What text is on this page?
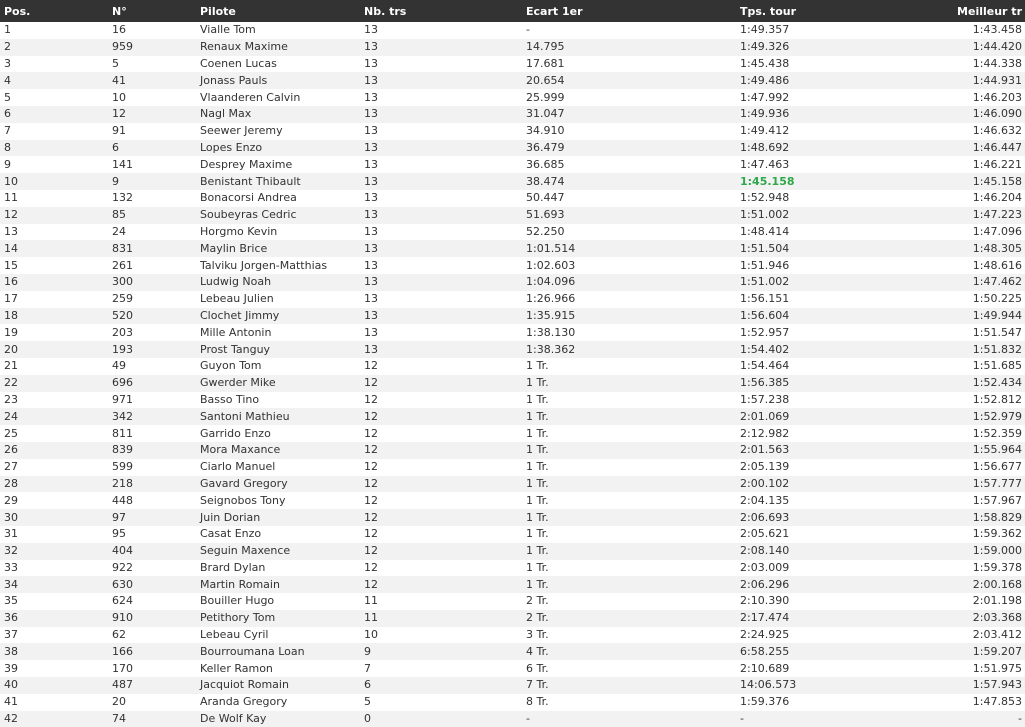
Pos.	N°	Pilote	Nb. trs	Ecart 1er	Tps. tour	Meilleur tr
1	16	Vialle Tom	13	-	1:49.357	1:43.458
2	959	Renaux Maxime	13	14.795	1:49.326	1:44.420
3	5	Coenen Lucas	13	17.681	1:45.438	1:44.338
4	41	Jonass Pauls	13	20.654	1:49.486	1:44.931
5	10	Vlaanderen Calvin	13	25.999	1:47.992	1:46.203
6	12	Nagl Max	13	31.047	1:49.936	1:46.090
7	91	Seewer Jeremy	13	34.910	1:49.412	1:46.632
8	6	Lopes Enzo	13	36.479	1:48.692	1:46.447
9	141	Desprey Maxime	13	36.685	1:47.463	1:46.221
10	9	Benistant Thibault	13	38.474	1:45.158	1:45.158
11	132	Bonacorsi Andrea	13	50.447	1:52.948	1:46.204
12	85	Soubeyras Cedric	13	51.693	1:51.002	1:47.223
13	24	Horgmo Kevin	13	52.250	1:48.414	1:47.096
14	831	Maylin Brice	13	1:01.514	1:51.504	1:48.305
15	261	Talviku Jorgen-Matthias	13	1:02.603	1:51.946	1:48.616
16	300	Ludwig Noah	13	1:04.096	1:51.002	1:47.462
17	259	Lebeau Julien	13	1:26.966	1:56.151	1:50.225
18	520	Clochet Jimmy	13	1:35.915	1:56.604	1:49.944
19	203	Mille Antonin	13	1:38.130	1:52.957	1:51.547
20	193	Prost Tanguy	13	1:38.362	1:54.402	1:51.832
21	49	Guyon Tom	12	1 Tr.	1:54.464	1:51.685
22	696	Gwerder Mike	12	1 Tr.	1:56.385	1:52.434
23	971	Basso Tino	12	1 Tr.	1:57.238	1:52.812
24	342	Santoni Mathieu	12	1 Tr.	2:01.069	1:52.979
25	811	Garrido Enzo	12	1 Tr.	2:12.982	1:52.359
26	839	Mora Maxance	12	1 Tr.	2:01.563	1:55.964
27	599	Ciarlo Manuel	12	1 Tr.	2:05.139	1:56.677
28	218	Gavard Gregory	12	1 Tr.	2:00.102	1:57.777
29	448	Seignobos Tony	12	1 Tr.	2:04.135	1:57.967
30	97	Juin Dorian	12	1 Tr.	2:06.693	1:58.829
31	95	Casat Enzo	12	1 Tr.	2:05.621	1:59.362
32	404	Seguin Maxence	12	1 Tr.	2:08.140	1:59.000
33	922	Brard Dylan	12	1 Tr.	2:03.009	1:59.378
34	630	Martin Romain	12	1 Tr.	2:06.296	2:00.168
35	624	Bouiller Hugo	11	2 Tr.	2:10.390	2:01.198
36	910	Petithory Tom	11	2 Tr.	2:17.474	2:03.368
37	62	Lebeau Cyril	10	3 Tr.	2:24.925	2:03.412
38	166	Bourroumana Loan	9	4 Tr.	6:58.255	1:59.207
39	170	Keller Ramon	7	6 Tr.	2:10.689	1:51.975
40	487	Jacquiot Romain	6	7 Tr.	14:06.573	1:57.943
41	20	Aranda Gregory	5	8 Tr.	1:59.376	1:47.853
42	74	De Wolf Kay	0	-	-	-
